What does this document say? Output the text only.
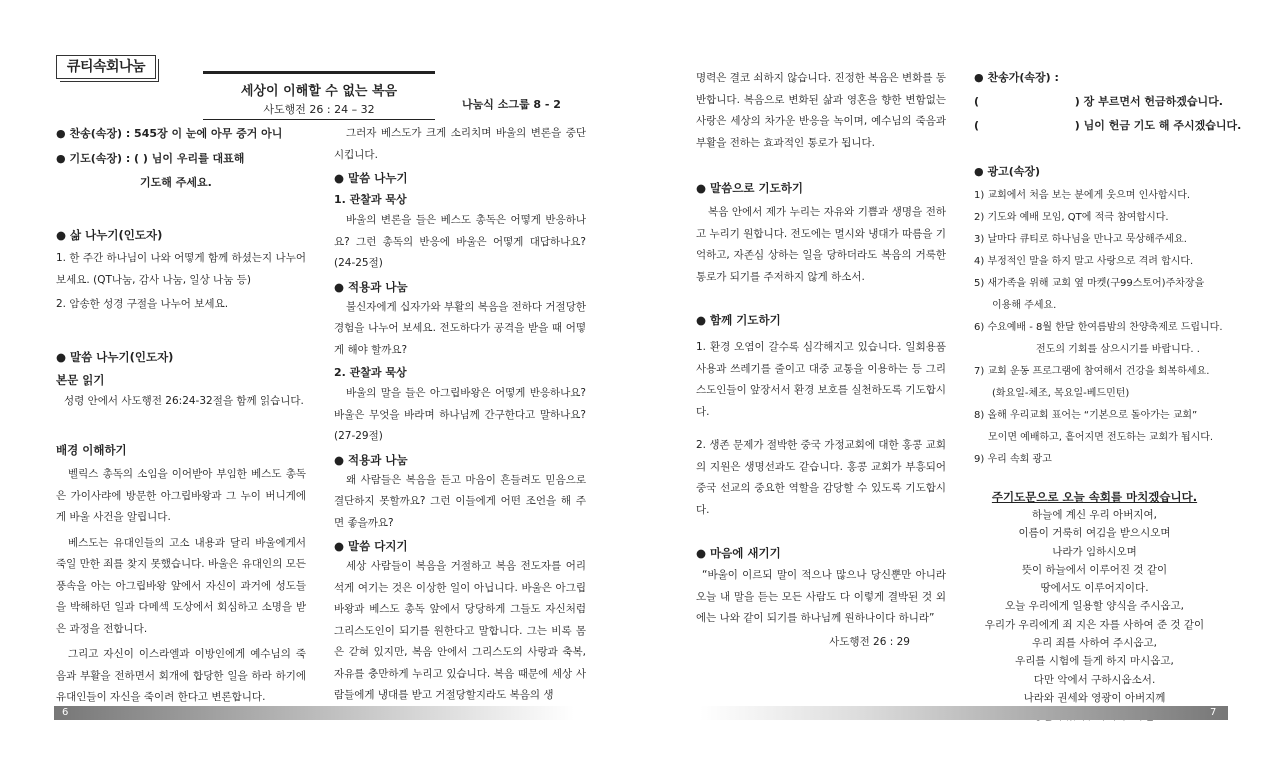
큐티속회나눔
세상이 이해할 수 없는 복음
사도행전 26 : 24 – 32	나눔식 소그룹 8 - 2

● 찬송(속장) : 545장 이 눈에 아무 증거 아니

● 기도(속장) : ( ) 님이 우리를 대표해

기도해 주세요.

● 삶 나누기(인도자)

1. 한 주간 하나님이 나와 어떻게 함께 하셨는지 나누어 보세요. (QT나눔, 감사 나눔, 일상 나눔 등)

2. 암송한 성경 구절을 나누어 보세요.

● 말씀 나누기(인도자)

본문 읽기

성령 안에서 사도행전 26:24-32절을 함께 읽습니다.

배경 이해하기

벨릭스 총독의 소임을 이어받아 부임한 베스도 총독은 가이사랴에 방문한 아그립바왕과 그 누이 버니게에게 바울 사건을 알립니다.

베스도는 유대인들의 고소 내용과 달리 바울에게서 죽일 만한 죄를 찾지 못했습니다. 바울은 유대인의 모든 풍속을 아는 아그립바왕 앞에서 자신이 과거에 성도들을 박해하던 일과 다메섹 도상에서 회심하고 소명을 받은 과정을 전합니다.

그리고 자신이 이스라엘과 이방인에게 예수님의 죽음과 부활을 전하면서 회개에 합당한 일을 하라 하기에 유대인들이 자신을 죽이려 한다고 변론합니다.

그러자 베스도가 크게 소리치며 바울의 변론을 중단시킵니다.

● 말씀 나누기

1. 관찰과 묵상

바울의 변론을 들은 베스도 총독은 어떻게 반응하나요? 그런 총독의 반응에 바울은 어떻게 대답하나요?(24-25절)

● 적용과 나눔

불신자에게 십자가와 부활의 복음을 전하다 거절당한 경험을 나누어 보세요. 전도하다가 공격을 받을 때 어떻게 해야 할까요?

2. 관찰과 묵상

바울의 말을 들은 아그립바왕은 어떻게 반응하나요? 바울은 무엇을 바라며 하나님께 간구한다고 말하나요?(27-29절)

● 적용과 나눔

왜 사람들은 복음을 듣고 마음이 흔들려도 믿음으로 결단하지 못할까요? 그런 이들에게 어떤 조언을 해 주면 좋을까요?

● 말씀 다지기

세상 사람들이 복음을 거절하고 복음 전도자를 어리석게 여기는 것은 이상한 일이 아닙니다. 바울은 아그립바왕과 베스도 총독 앞에서 당당하게 그들도 자신처럼 그리스도인이 되기를 원한다고 말합니다. 그는 비록 몸은 갇혀 있지만, 복음 안에서 그리스도의 사랑과 축복, 자유를 충만하게 누리고 있습니다. 복음 때문에 세상 사람들에게 냉대를 받고 거절당할지라도 복음의 생

명력은 결코 쇠하지 않습니다. 진정한 복음은 변화를 동반합니다. 복음으로 변화된 삶과 영혼을 향한 변함없는 사랑은 세상의 차가운 반응을 녹이며, 예수님의 죽음과 부활을 전하는 효과적인 통로가 됩니다.

● 말씀으로 기도하기

복음 안에서 제가 누리는 자유와 기쁨과 생명을 전하고 누리기 원합니다. 전도에는 멸시와 냉대가 따름을 기억하고, 자존심 상하는 일을 당하더라도 복음의 거룩한 통로가 되기를 주저하지 않게 하소서.

● 함께 기도하기

1. 환경 오염이 갈수록 심각해지고 있습니다. 일회용품 사용과 쓰레기를 줄이고 대중 교통을 이용하는 등 그리스도인들이 앞장서서 환경 보호를 실천하도록 기도합시다.

2. 생존 문제가 절박한 중국 가정교회에 대한 홍콩 교회의 지원은 생명선과도 같습니다. 홍콩 교회가 부흥되어 중국 선교의 중요한 역할을 감당할 수 있도록 기도합시다.

● 마음에 새기기

“바울이 이르되 말이 적으나 많으나 당신뿐만 아니라 오늘 내 말을 듣는 모든 사람도 다 이렇게 결박된 것 외에는 나와 같이 되기를 하나님께 원하나이다 하니라”

사도행전 26 : 29

● 찬송가(속장) :

(                         ) 장 부르면서 헌금하겠습니다.

(                         ) 님이 헌금 기도 해 주시겠습니다.

● 광고(속장)

1) 교회에서 처음 보는 분에게 웃으며 인사합시다.

2) 기도와 예배 모임, QT에 적극 참여합시다.

3) 날마다 큐티로 하나님을 만나고 묵상해주세요.

4) 부정적인 말을 하지 말고 사랑으로 격려 합시다.

5) 새가족을 위해 교회 옆 마켓(구99스토어)주차장을

이용해 주세요.

6) 수요예배 - 8월 한달 한여름밤의 찬양축제로 드립니다.

전도의 기회를 삼으시기를 바랍니다. .

7) 교회 운동 프로그램에 참여해서 건강을 회복하세요.

(화요일-체조, 목요일-베드민턴)

8) 올해 우리교회 표어는 “기본으로 돌아가는 교회”

모이면 예배하고, 흩어지면 전도하는 교회가 됩시다.

9) 우리 속회 광고

주기도문으로 오늘 속회를 마치겠습니다.
하늘에 계신 우리 아버지여,
이름이 거룩히 여김을 받으시오며
나라가 임하시오며
뜻이 하늘에서 이루어진 것 같이
땅에서도 이루어지이다.
오늘 우리에게 일용할 양식을 주시옵고,
우리가 우리에게 죄 지은 자를 사하여 준 것 같이
우리 죄를 사하여 주시옵고,
우리를 시험에 들게 하지 마시옵고,
다만 악에서 구하시옵소서.
나라와 권세와 영광이 아버지께
6	7
